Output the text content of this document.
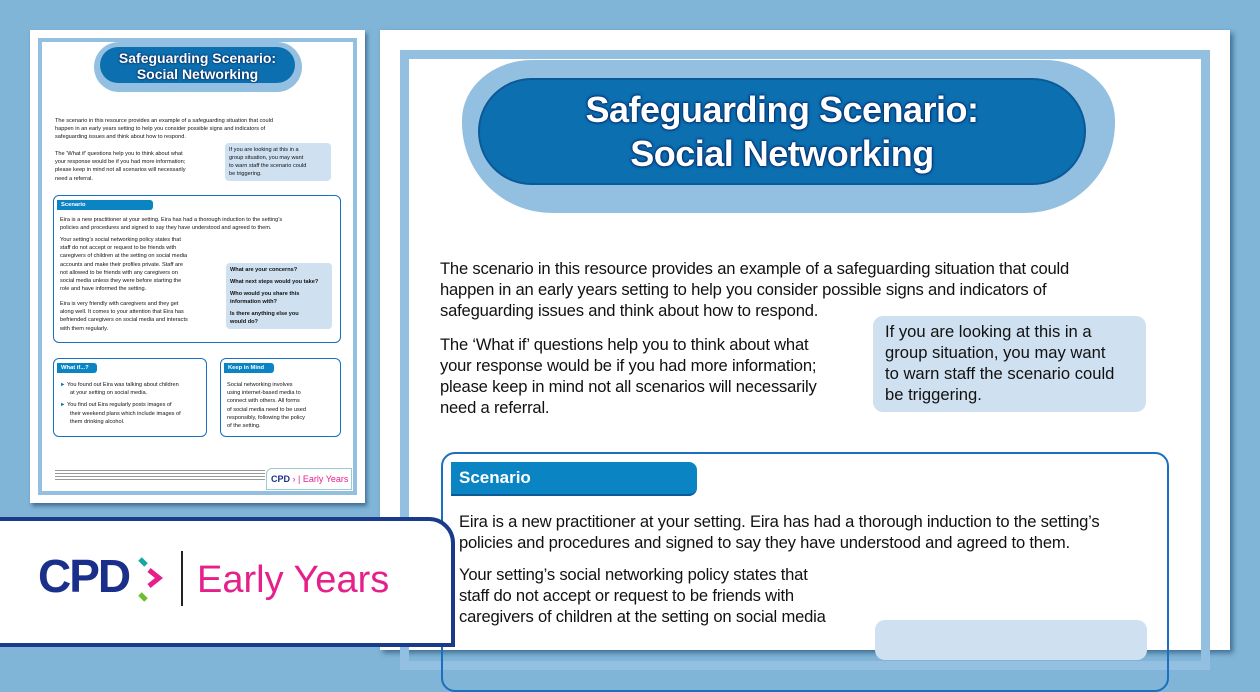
Safeguarding Scenario:
Social Networking
The scenario in this resource provides an example of a safeguarding situation that could
happen in an early years setting to help you consider possible signs and indicators of
safeguarding issues and think about how to respond.
The ‘What if’ questions help you to think about what
your response would be if you had more information;
please keep in mind not all scenarios will necessarily
need a referral.
If you are looking at this in a
group situation, you may want
to warn staff the scenario could
be triggering.
Scenario
Eira is a new practitioner at your setting. Eira has had a thorough induction to the setting’s
policies and procedures and signed to say they have understood and agreed to them.
Your setting’s social networking policy states that
staff do not accept or request to be friends with
caregivers of children at the setting on social media
accounts and make their profiles private. Staff are
not allowed to be friends with any caregivers on
social media unless they were before starting the
role and have informed the setting.
Eira is very friendly with caregivers and they get
along well. It comes to your attention that Eira has
befriended caregivers on social media and interacts
with them regularly.
What are your concerns?
What next steps would you take?
Who would you share this
information with?
Is there anything else you
would do?
What if...?
► You found out Eira was talking about children
at your setting on social media.
► You find out Eira regularly posts images of
their weekend plans which include images of
them drinking alcohol.
Keep in Mind
Social networking involves
using internet-based media to
connect with others. All forms
of social media need to be used
responsibly, following the policy
of the setting.
CPD › | Early Years
Safeguarding Scenario:
Social Networking
The scenario in this resource provides an example of a safeguarding situation that could
happen in an early years setting to help you consider possible signs and indicators of
safeguarding issues and think about how to respond.
The ‘What if’ questions help you to think about what
your response would be if you had more information;
please keep in mind not all scenarios will necessarily
need a referral.
If you are looking at this in a
group situation, you may want
to warn staff the scenario could
be triggering.
Scenario
Eira is a new practitioner at your setting. Eira has had a thorough induction to the setting’s
policies and procedures and signed to say they have understood and agreed to them.
Your setting’s social networking policy states that
staff do not accept or request to be friends with
caregivers of children at the setting on social media
CPD Early Years
